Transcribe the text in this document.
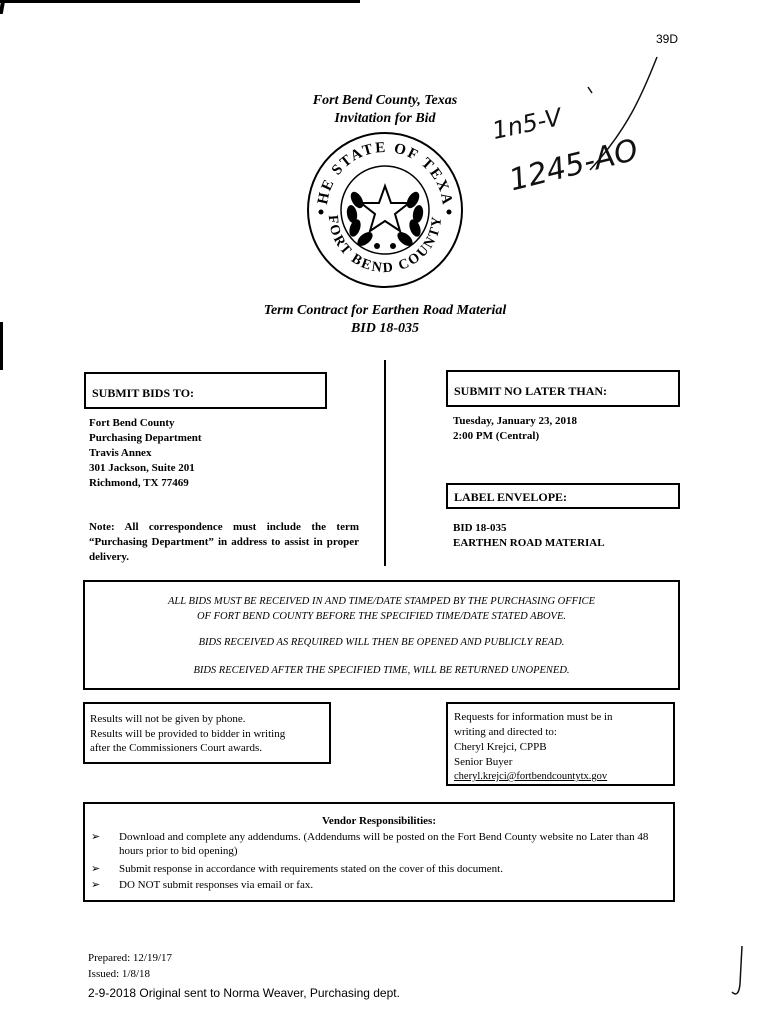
39D
Fort Bend County, Texas
Invitation for Bid
HE STATE OF TEXA
FORT BEND COUNTY
1n5-V
1245-AO
Term Contract for Earthen Road Material
BID 18-035
SUBMIT BIDS TO:
Fort Bend County
Purchasing Department
Travis Annex
301 Jackson, Suite 201
Richmond, TX 77469
Note: All correspondence must include the term “Purchasing Department” in address to assist in proper delivery.
SUBMIT NO LATER THAN:
Tuesday, January 23, 2018
2:00 PM (Central)
LABEL ENVELOPE:
BID 18-035
EARTHEN ROAD MATERIAL
ALL BIDS MUST BE RECEIVED IN AND TIME/DATE STAMPED BY THE PURCHASING OFFICE
OF FORT BEND COUNTY BEFORE THE SPECIFIED TIME/DATE STATED ABOVE.
BIDS RECEIVED AS REQUIRED WILL THEN BE OPENED AND PUBLICLY READ.
BIDS RECEIVED AFTER THE SPECIFIED TIME, WILL BE RETURNED UNOPENED.
Results will not be given by phone.
Results will be provided to bidder in writing
after the Commissioners Court awards.
Requests for information must be in
writing and directed to:
Cheryl Krejci, CPPB
Senior Buyer
cheryl.krejci@fortbendcountytx.gov
Vendor Responsibilities:
➢	Download and complete any addendums. (Addendums will be posted on the Fort Bend County website no Later than 48 hours prior to bid opening)
➢	Submit response in accordance with requirements stated on the cover of this document.
➢	DO NOT submit responses via email or fax.
Prepared: 12/19/17
Issued: 1/8/18
2-9-2018 Original sent to Norma Weaver, Purchasing dept.
